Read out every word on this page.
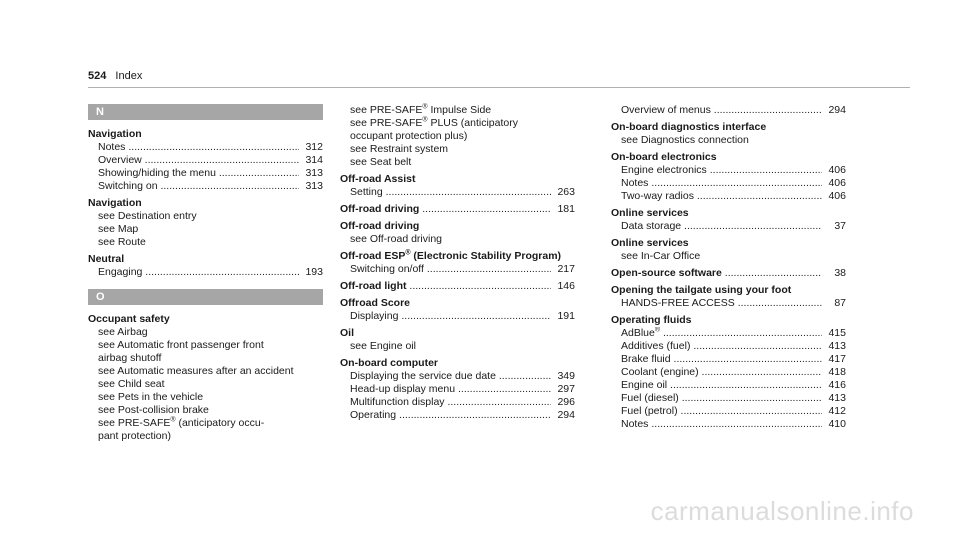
524 Index
N
Navigation
Notes .....	312
Overview .....	314
Showing/hiding the menu .....	313
Switching on .....	313
Navigation
see Destination entry
see Map
see Route
Neutral
Engaging .....	193
O
Occupant safety
see Airbag
see Automatic front passenger front
airbag shutoff
see Automatic measures after an accident
see Child seat
see Pets in the vehicle
see Post-collision brake
see PRE-SAFE® (anticipatory occu-
pant protection)
see PRE-SAFE® Impulse Side
see PRE-SAFE® PLUS (anticipatory
occupant protection plus)
see Restraint system
see Seat belt
Off-road Assist
Setting .....	263
Off-road driving .....	181
Off-road driving
see Off-road driving
Off-road ESP® (Electronic Stability Program)
Switching on/off .....	217
Off-road light .....	146
Offroad Score
Displaying .....	191
Oil
see Engine oil
On-board computer
Displaying the service due date .....	349
Head-up display menu .....	297
Multifunction display .....	296
Operating .....	294
Overview of menus .....	294
On-board diagnostics interface
see Diagnostics connection
On-board electronics
Engine electronics .....	406
Notes .....	406
Two-way radios .....	406
Online services
Data storage .....	37
Online services
see In-Car Office
Open-source software .....	38
Opening the tailgate using your foot
HANDS-FREE ACCESS .....	87
Operating fluids
AdBlue® .....	415
Additives (fuel) .....	413
Brake fluid .....	417
Coolant (engine) .....	418
Engine oil .....	416
Fuel (diesel) .....	413
Fuel (petrol) .....	412
Notes .....	410
carmanualsonline.info
